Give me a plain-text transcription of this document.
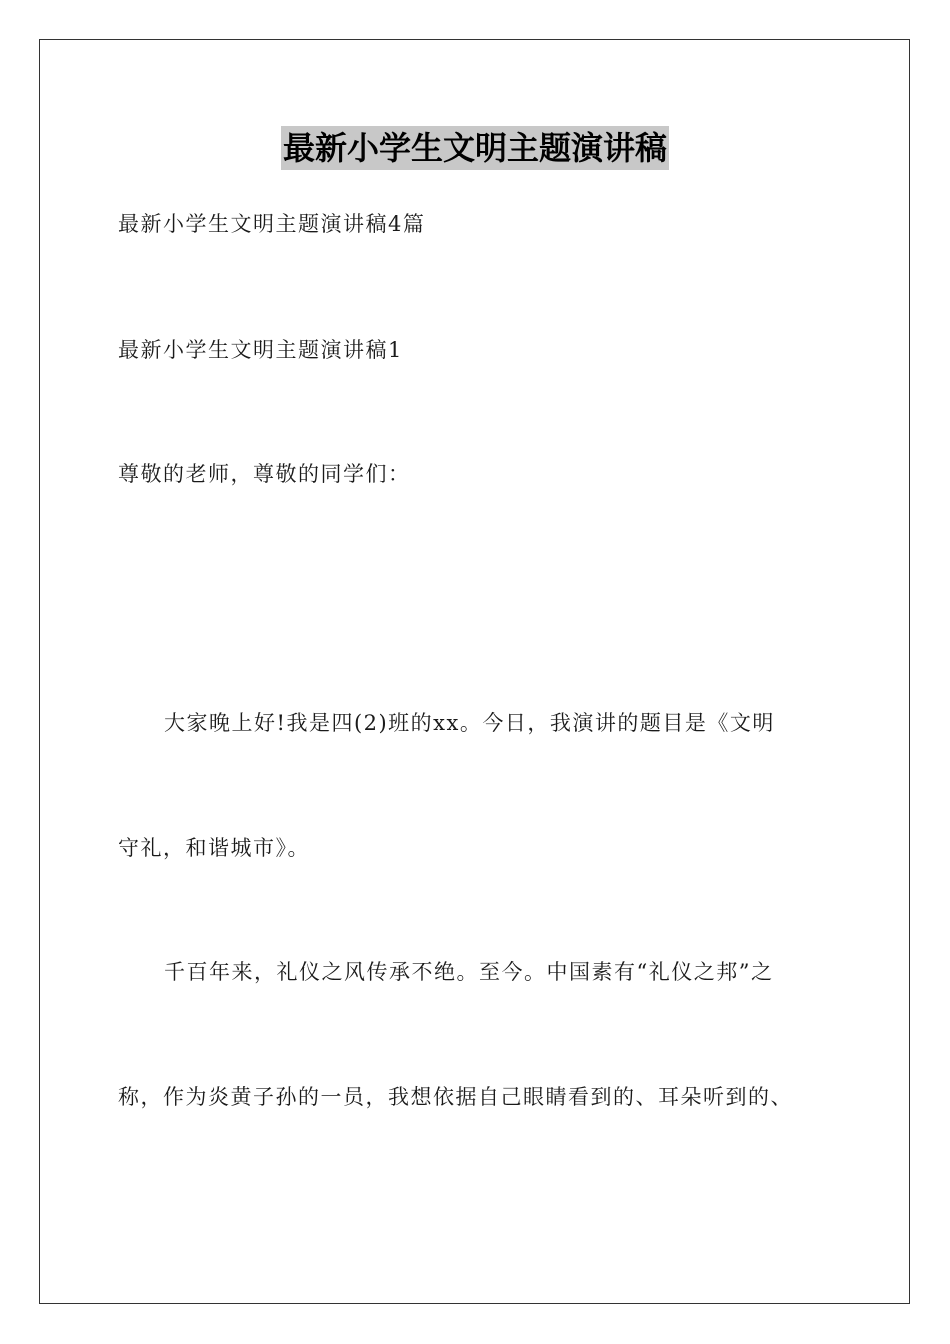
最新小学生文明主题演讲稿
最新小学生文明主题演讲稿4篇
最新小学生文明主题演讲稿1
尊敬的老师，尊敬的同学们：
大家晚上好!我是四(2)班的xx。今日，我演讲的题目是《文明
守礼，和谐城市》。
千百年来，礼仪之风传承不绝。至今。中国素有“礼仪之邦”之
称，作为炎黄子孙的一员，我想依据自己眼睛看到的、耳朵听到的、
